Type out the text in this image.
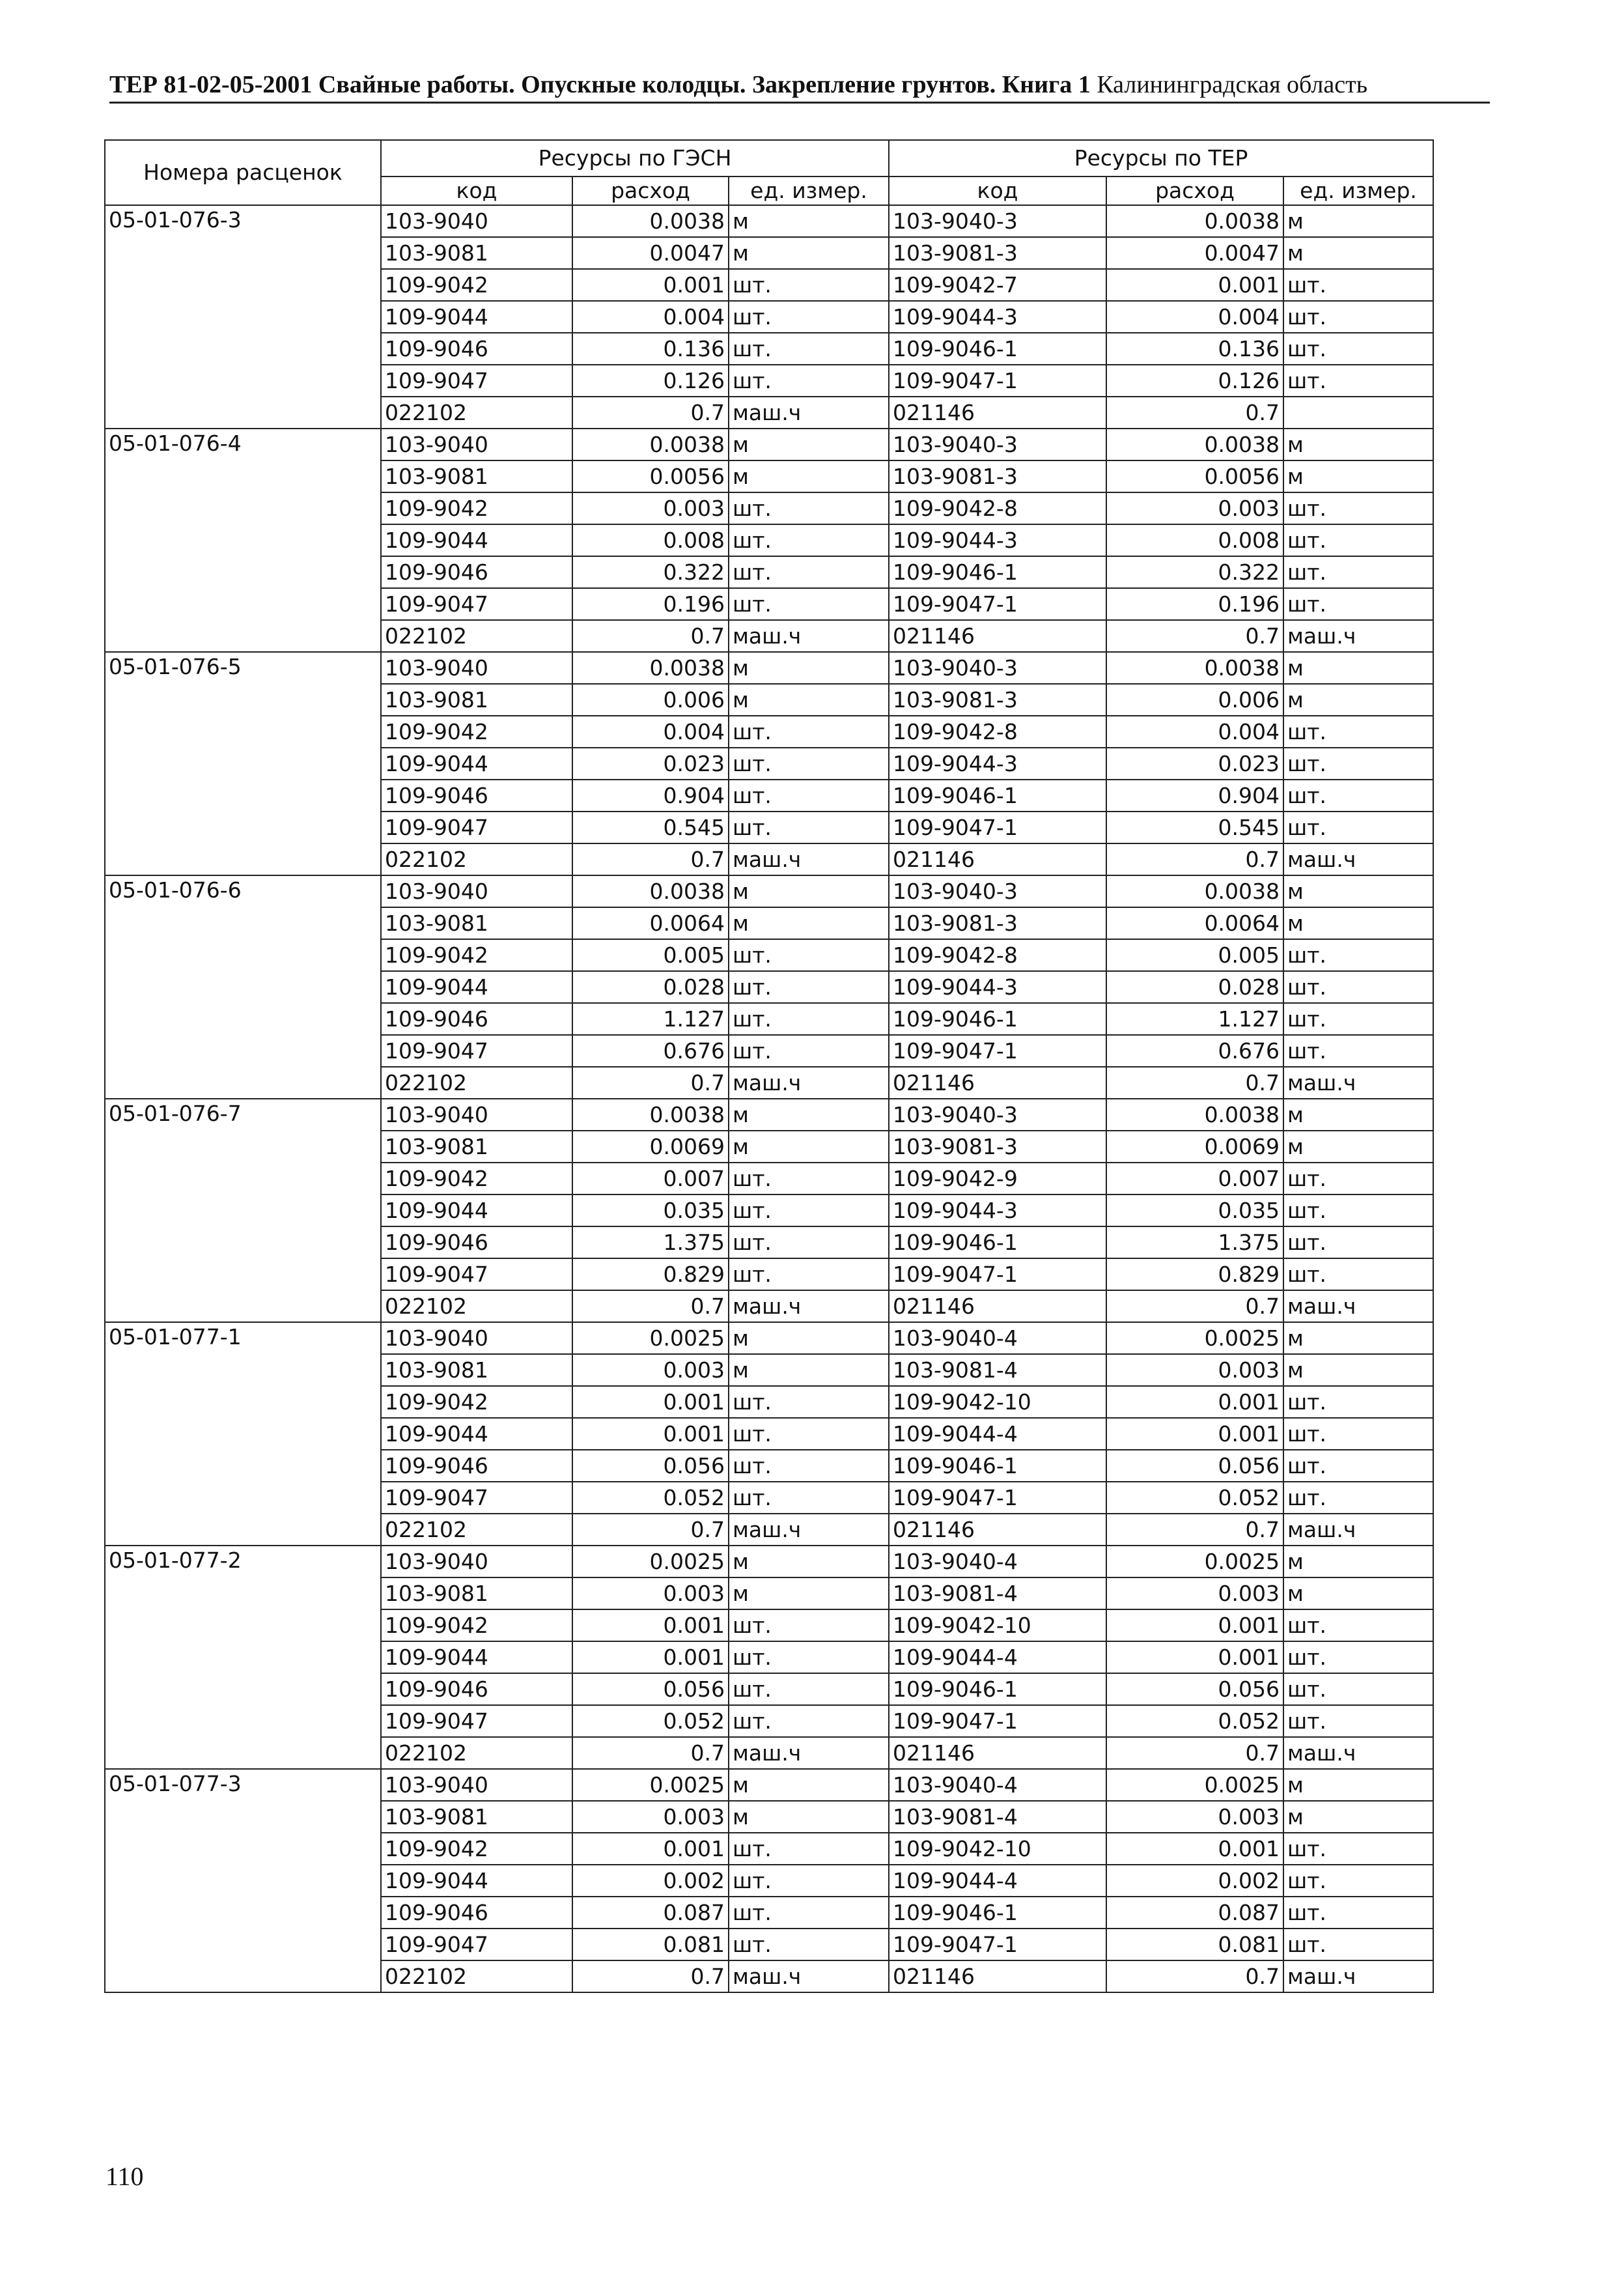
ТЕР 81-02-05-2001 Свайные работы. Опускные колодцы. Закрепление грунтов. Книга 1 Калининградская область
Номера расценок	Ресурсы по ГЭСН			Ресурсы по ТЕР		
	код	расход	ед. измер.	код	расход	ед. измер.
05-01-076-3	103-9040	0.0038	м	103-9040-3	0.0038	м
	103-9081	0.0047	м	103-9081-3	0.0047	м
	109-9042	0.001	шт.	109-9042-7	0.001	шт.
	109-9044	0.004	шт.	109-9044-3	0.004	шт.
	109-9046	0.136	шт.	109-9046-1	0.136	шт.
	109-9047	0.126	шт.	109-9047-1	0.126	шт.
	022102	0.7	маш.ч	021146	0.7	
05-01-076-4	103-9040	0.0038	м	103-9040-3	0.0038	м
	103-9081	0.0056	м	103-9081-3	0.0056	м
	109-9042	0.003	шт.	109-9042-8	0.003	шт.
	109-9044	0.008	шт.	109-9044-3	0.008	шт.
	109-9046	0.322	шт.	109-9046-1	0.322	шт.
	109-9047	0.196	шт.	109-9047-1	0.196	шт.
	022102	0.7	маш.ч	021146	0.7	маш.ч
05-01-076-5	103-9040	0.0038	м	103-9040-3	0.0038	м
	103-9081	0.006	м	103-9081-3	0.006	м
	109-9042	0.004	шт.	109-9042-8	0.004	шт.
	109-9044	0.023	шт.	109-9044-3	0.023	шт.
	109-9046	0.904	шт.	109-9046-1	0.904	шт.
	109-9047	0.545	шт.	109-9047-1	0.545	шт.
	022102	0.7	маш.ч	021146	0.7	маш.ч
05-01-076-6	103-9040	0.0038	м	103-9040-3	0.0038	м
	103-9081	0.0064	м	103-9081-3	0.0064	м
	109-9042	0.005	шт.	109-9042-8	0.005	шт.
	109-9044	0.028	шт.	109-9044-3	0.028	шт.
	109-9046	1.127	шт.	109-9046-1	1.127	шт.
	109-9047	0.676	шт.	109-9047-1	0.676	шт.
	022102	0.7	маш.ч	021146	0.7	маш.ч
05-01-076-7	103-9040	0.0038	м	103-9040-3	0.0038	м
	103-9081	0.0069	м	103-9081-3	0.0069	м
	109-9042	0.007	шт.	109-9042-9	0.007	шт.
	109-9044	0.035	шт.	109-9044-3	0.035	шт.
	109-9046	1.375	шт.	109-9046-1	1.375	шт.
	109-9047	0.829	шт.	109-9047-1	0.829	шт.
	022102	0.7	маш.ч	021146	0.7	маш.ч
05-01-077-1	103-9040	0.0025	м	103-9040-4	0.0025	м
	103-9081	0.003	м	103-9081-4	0.003	м
	109-9042	0.001	шт.	109-9042-10	0.001	шт.
	109-9044	0.001	шт.	109-9044-4	0.001	шт.
	109-9046	0.056	шт.	109-9046-1	0.056	шт.
	109-9047	0.052	шт.	109-9047-1	0.052	шт.
	022102	0.7	маш.ч	021146	0.7	маш.ч
05-01-077-2	103-9040	0.0025	м	103-9040-4	0.0025	м
	103-9081	0.003	м	103-9081-4	0.003	м
	109-9042	0.001	шт.	109-9042-10	0.001	шт.
	109-9044	0.001	шт.	109-9044-4	0.001	шт.
	109-9046	0.056	шт.	109-9046-1	0.056	шт.
	109-9047	0.052	шт.	109-9047-1	0.052	шт.
	022102	0.7	маш.ч	021146	0.7	маш.ч
05-01-077-3	103-9040	0.0025	м	103-9040-4	0.0025	м
	103-9081	0.003	м	103-9081-4	0.003	м
	109-9042	0.001	шт.	109-9042-10	0.001	шт.
	109-9044	0.002	шт.	109-9044-4	0.002	шт.
	109-9046	0.087	шт.	109-9046-1	0.087	шт.
	109-9047	0.081	шт.	109-9047-1	0.081	шт.
	022102	0.7	маш.ч	021146	0.7	маш.ч
110
